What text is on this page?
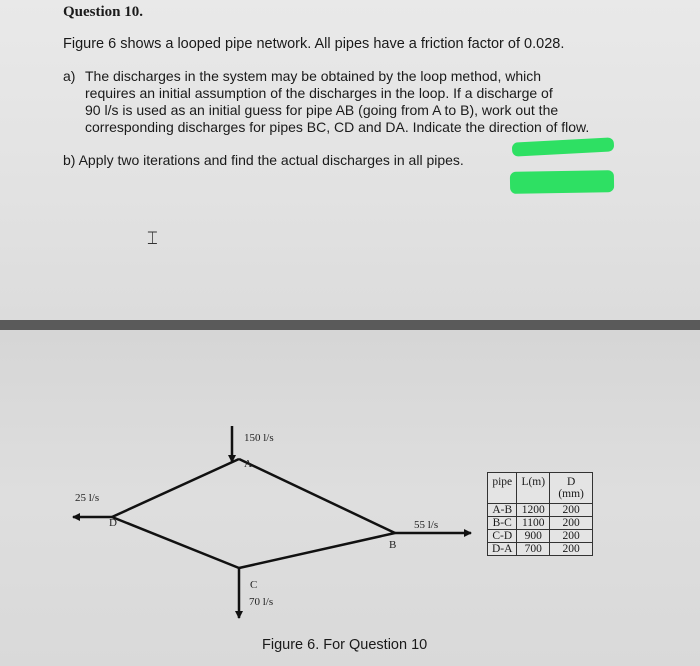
Question 10.
Figure 6 shows a looped pipe network. All pipes have a friction factor of 0.028.
a) The discharges in the system may be obtained by the loop method, which
requires an initial assumption of the discharges in the loop. If a discharge of
90 l/s is used as an initial guess for pipe AB (going from A to B), work out the
corresponding discharges for pipes BC, CD and DA. Indicate the direction of flow.
b) Apply two iterations and find the actual discharges in all pipes.
⌶
150 l/s
A
25 l/s
D	55 l/s
B
C
70 l/s
pipe	L(m)	D (mm)
A-B	1200	200
B-C	1100	200
C-D	900	200
D-A	700	200
Figure 6. For Question 10
